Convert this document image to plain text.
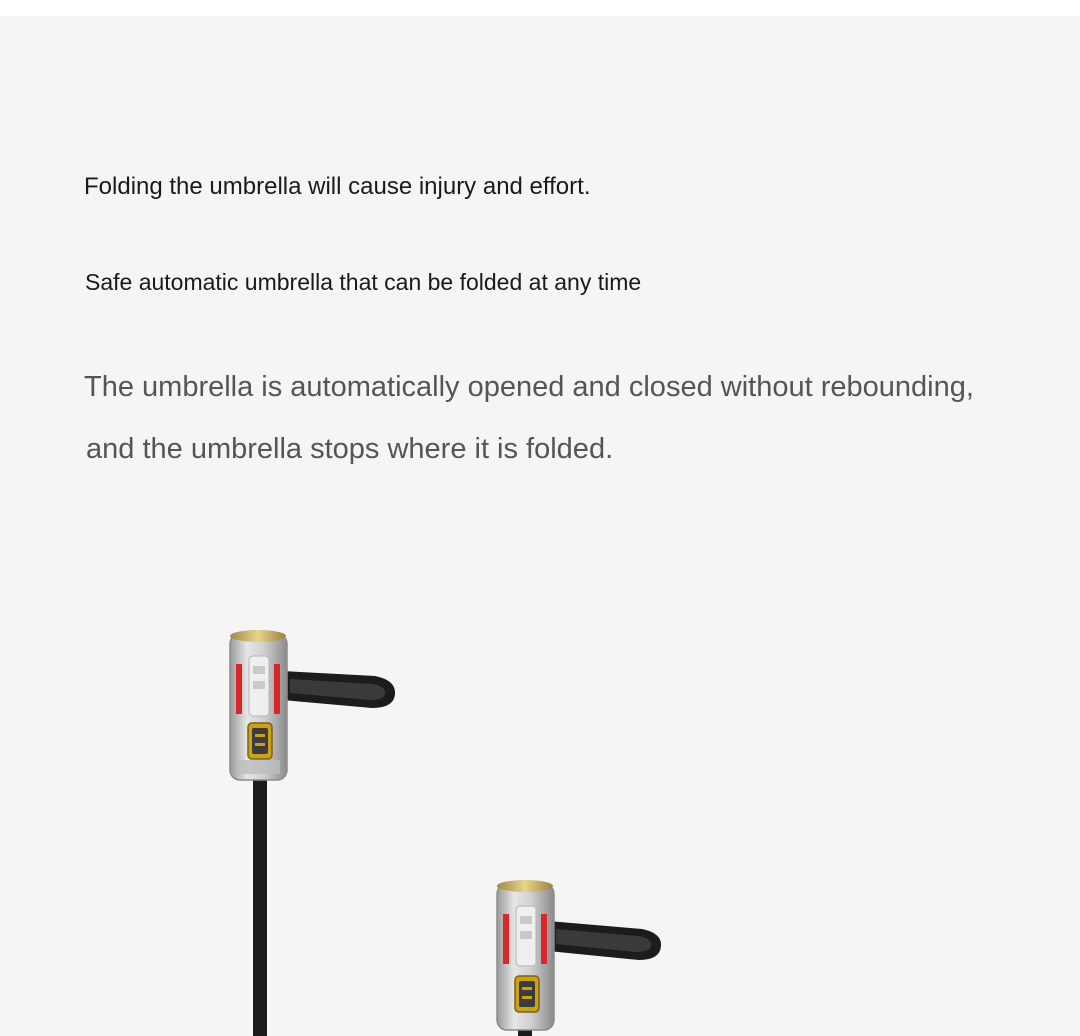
Folding the umbrella will cause injury and effort.
Safe automatic umbrella that can be folded at any time
The umbrella is automatically opened and closed without rebounding,
and the umbrella stops where it is folded.
